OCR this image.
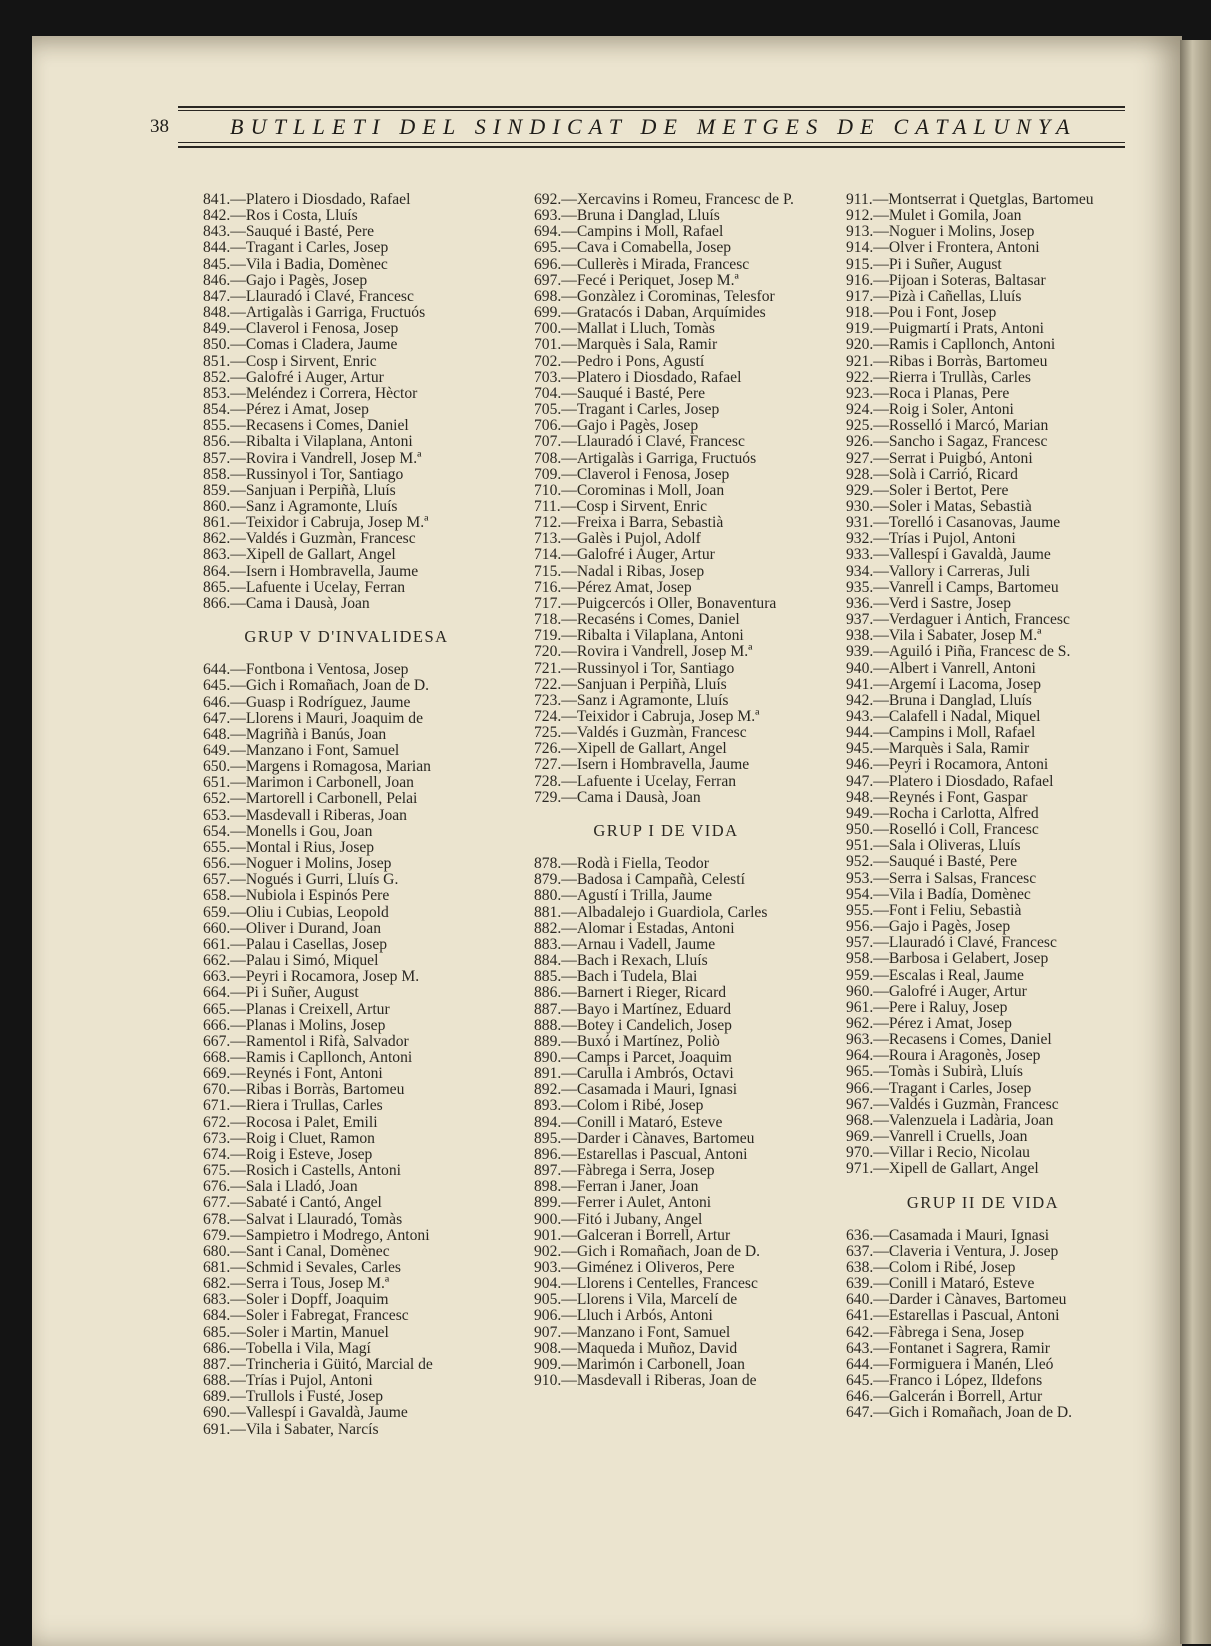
38	BUTLLETI DEL SINDICAT DE METGES DE CATALUNYA
841.—Platero i Diosdado, Rafael
842.—Ros i Costa, Lluís
843.—Sauqué i Basté, Pere
844.—Tragant i Carles, Josep
845.—Vila i Badia, Domènec
846.—Gajo i Pagès, Josep
847.—Llauradó i Clavé, Francesc
848.—Artigalàs i Garriga, Fructuós
849.—Claverol i Fenosa, Josep
850.—Comas i Cladera, Jaume
851.—Cosp i Sirvent, Enric
852.—Galofré i Auger, Artur
853.—Meléndez i Correra, Hèctor
854.—Pérez i Amat, Josep
855.—Recasens i Comes, Daniel
856.—Ribalta i Vilaplana, Antoni
857.—Rovira i Vandrell, Josep M.ª
858.—Russinyol i Tor, Santiago
859.—Sanjuan i Perpiñà, Lluís
860.—Sanz i Agramonte, Lluís
861.—Teixidor i Cabruja, Josep M.ª
862.—Valdés i Guzmàn, Francesc
863.—Xipell de Gallart, Angel
864.—Isern i Hombravella, Jaume
865.—Lafuente i Ucelay, Ferran
866.—Cama i Dausà, Joan
GRUP V D'INVALIDESA
644.—Fontbona i Ventosa, Josep
645.—Gich i Romañach, Joan de D.
646.—Guasp i Rodríguez, Jaume
647.—Llorens i Mauri, Joaquim de
648.—Magriñà i Banús, Joan
649.—Manzano i Font, Samuel
650.—Margens i Romagosa, Marian
651.—Marimon i Carbonell, Joan
652.—Martorell i Carbonell, Pelai
653.—Masdevall i Riberas, Joan
654.—Monells i Gou, Joan
655.—Montal i Rius, Josep
656.—Noguer i Molins, Josep
657.—Nogués i Gurri, Lluís G.
658.—Nubiola i Espinós Pere
659.—Oliu i Cubias, Leopold
660.—Oliver i Durand, Joan
661.—Palau i Casellas, Josep
662.—Palau i Simó, Miquel
663.—Peyri i Rocamora, Josep M.
664.—Pi i Suñer, August
665.—Planas i Creixell, Artur
666.—Planas i Molins, Josep
667.—Ramentol i Rifà, Salvador
668.—Ramis i Capllonch, Antoni
669.—Reynés i Font, Antoni
670.—Ribas i Borràs, Bartomeu
671.—Riera i Trullas, Carles
672.—Rocosa i Palet, Emili
673.—Roig i Cluet, Ramon
674.—Roig i Esteve, Josep
675.—Rosich i Castells, Antoni
676.—Sala i Lladó, Joan
677.—Sabaté i Cantó, Angel
678.—Salvat i Llauradó, Tomàs
679.—Sampietro i Modrego, Antoni
680.—Sant i Canal, Domènec
681.—Schmid i Sevales, Carles
682.—Serra i Tous, Josep M.ª
683.—Soler i Dopff, Joaquim
684.—Soler i Fabregat, Francesc
685.—Soler i Martin, Manuel
686.—Tobella i Vila, Magí
887.—Trincheria i Güitó, Marcial de
688.—Trías i Pujol, Antoni
689.—Trullols i Fusté, Josep
690.—Vallespí i Gavaldà, Jaume
691.—Vila i Sabater, Narcís
692.—Xercavins i Romeu, Francesc de P.
693.—Bruna i Danglad, Lluís
694.—Campins i Moll, Rafael
695.—Cava i Comabella, Josep
696.—Cullerès i Mirada, Francesc
697.—Fecé i Periquet, Josep M.ª
698.—Gonzàlez i Corominas, Telesfor
699.—Gratacós i Daban, Arquímides
700.—Mallat i Lluch, Tomàs
701.—Marquès i Sala, Ramir
702.—Pedro i Pons, Agustí
703.—Platero i Diosdado, Rafael
704.—Sauqué i Basté, Pere
705.—Tragant i Carles, Josep
706.—Gajo i Pagès, Josep
707.—Llauradó i Clavé, Francesc
708.—Artigalàs i Garriga, Fructuós
709.—Claverol i Fenosa, Josep
710.—Corominas i Moll, Joan
711.—Cosp i Sirvent, Enric
712.—Freixa i Barra, Sebastià
713.—Galès i Pujol, Adolf
714.—Galofré i Auger, Artur
715.—Nadal i Ribas, Josep
716.—Pérez Amat, Josep
717.—Puigcercós i Oller, Bonaventura
718.—Recaséns i Comes, Daniel
719.—Ribalta i Vilaplana, Antoni
720.—Rovira i Vandrell, Josep M.ª
721.—Russinyol i Tor, Santiago
722.—Sanjuan i Perpiñà, Lluís
723.—Sanz i Agramonte, Lluís
724.—Teixidor i Cabruja, Josep M.ª
725.—Valdés i Guzmàn, Francesc
726.—Xipell de Gallart, Angel
727.—Isern i Hombravella, Jaume
728.—Lafuente i Ucelay, Ferran
729.—Cama i Dausà, Joan
GRUP I DE VIDA
878.—Rodà i Fiella, Teodor
879.—Badosa i Campañà, Celestí
880.—Agustí i Trilla, Jaume
881.—Albadalejo i Guardiola, Carles
882.—Alomar i Estadas, Antoni
883.—Arnau i Vadell, Jaume
884.—Bach i Rexach, Lluís
885.—Bach i Tudela, Blai
886.—Barnert i Rieger, Ricard
887.—Bayo i Martínez, Eduard
888.—Botey i Candelich, Josep
889.—Buxó i Martínez, Poliò
890.—Camps i Parcet, Joaquim
891.—Carulla i Ambrós, Octavi
892.—Casamada i Mauri, Ignasi
893.—Colom i Ribé, Josep
894.—Conill i Mataró, Esteve
895.—Darder i Cànaves, Bartomeu
896.—Estarellas i Pascual, Antoni
897.—Fàbrega i Serra, Josep
898.—Ferran i Janer, Joan
899.—Ferrer i Aulet, Antoni
900.—Fitó i Jubany, Angel
901.—Galceran i Borrell, Artur
902.—Gich i Romañach, Joan de D.
903.—Giménez i Oliveros, Pere
904.—Llorens i Centelles, Francesc
905.—Llorens i Vila, Marcelí de
906.—Lluch i Arbós, Antoni
907.—Manzano i Font, Samuel
908.—Maqueda i Muñoz, David
909.—Marimón i Carbonell, Joan
910.—Masdevall i Riberas, Joan de
911.—Montserrat i Quetglas, Bartomeu
912.—Mulet i Gomila, Joan
913.—Noguer i Molins, Josep
914.—Olver i Frontera, Antoni
915.—Pi i Suñer, August
916.—Pijoan i Soteras, Baltasar
917.—Pizà i Cañellas, Lluís
918.—Pou i Font, Josep
919.—Puigmartí i Prats, Antoni
920.—Ramis i Capllonch, Antoni
921.—Ribas i Borràs, Bartomeu
922.—Rierra i Trullàs, Carles
923.—Roca i Planas, Pere
924.—Roig i Soler, Antoni
925.—Rosselló i Marcó, Marian
926.—Sancho i Sagaz, Francesc
927.—Serrat i Puigbó, Antoni
928.—Solà i Carrió, Ricard
929.—Soler i Bertot, Pere
930.—Soler i Matas, Sebastià
931.—Torelló i Casanovas, Jaume
932.—Trías i Pujol, Antoni
933.—Vallespí i Gavaldà, Jaume
934.—Vallory i Carreras, Juli
935.—Vanrell i Camps, Bartomeu
936.—Verd i Sastre, Josep
937.—Verdaguer i Antich, Francesc
938.—Vila i Sabater, Josep M.ª
939.—Aguiló i Piña, Francesc de S.
940.—Albert i Vanrell, Antoni
941.—Argemí i Lacoma, Josep
942.—Bruna i Danglad, Lluís
943.—Calafell i Nadal, Miquel
944.—Campins i Moll, Rafael
945.—Marquès i Sala, Ramir
946.—Peyri i Rocamora, Antoni
947.—Platero i Diosdado, Rafael
948.—Reynés i Font, Gaspar
949.—Rocha i Carlotta, Alfred
950.—Roselló i Coll, Francesc
951.—Sala i Oliveras, Lluís
952.—Sauqué i Basté, Pere
953.—Serra i Salsas, Francesc
954.—Vila i Badía, Domènec
955.—Font i Feliu, Sebastià
956.—Gajo i Pagès, Josep
957.—Llauradó i Clavé, Francesc
958.—Barbosa i Gelabert, Josep
959.—Escalas i Real, Jaume
960.—Galofré i Auger, Artur
961.—Pere i Raluy, Josep
962.—Pérez i Amat, Josep
963.—Recasens i Comes, Daniel
964.—Roura i Aragonès, Josep
965.—Tomàs i Subirà, Lluís
966.—Tragant i Carles, Josep
967.—Valdés i Guzmàn, Francesc
968.—Valenzuela i Ladària, Joan
969.—Vanrell i Cruells, Joan
970.—Villar i Recio, Nicolau
971.—Xipell de Gallart, Angel
GRUP II DE VIDA
636.—Casamada i Mauri, Ignasi
637.—Claveria i Ventura, J. Josep
638.—Colom i Ribé, Josep
639.—Conill i Mataró, Esteve
640.—Darder i Cànaves, Bartomeu
641.—Estarellas i Pascual, Antoni
642.—Fàbrega i Sena, Josep
643.—Fontanet i Sagrera, Ramir
644.—Formiguera i Manén, Lleó
645.—Franco i López, Ildefons
646.—Galcerán i Borrell, Artur
647.—Gich i Romañach, Joan de D.
